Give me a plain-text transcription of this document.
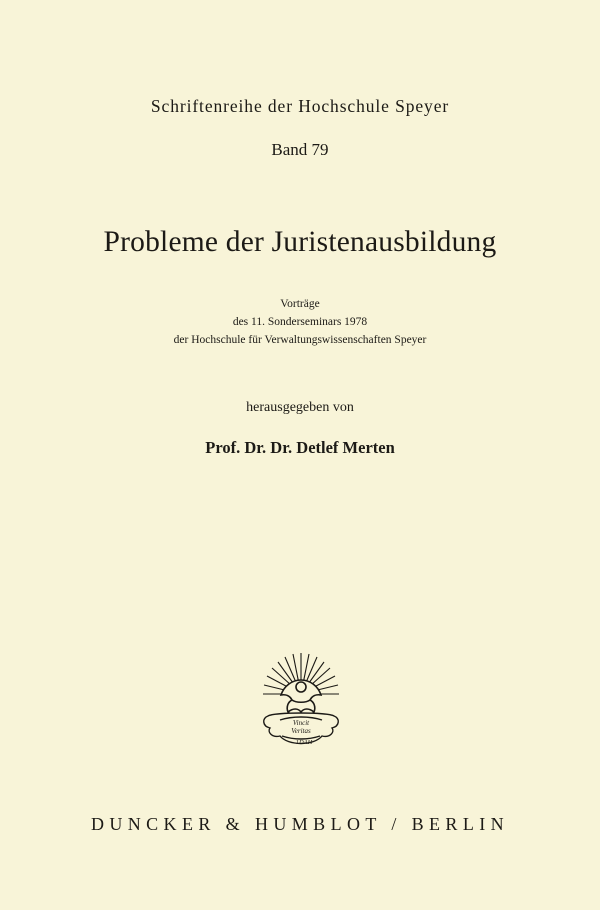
Schriftenreihe der Hochschule Speyer
Band 79
Probleme der Juristenausbildung
Vorträge
des 11. Sonderseminars 1978
der Hochschule für Verwaltungswissenschaften Speyer
herausgegeben von
Prof. Dr. Dr. Detlef Merten
Vincit
Veritas
1DAH
DUNCKER & HUMBLOT / BERLIN
